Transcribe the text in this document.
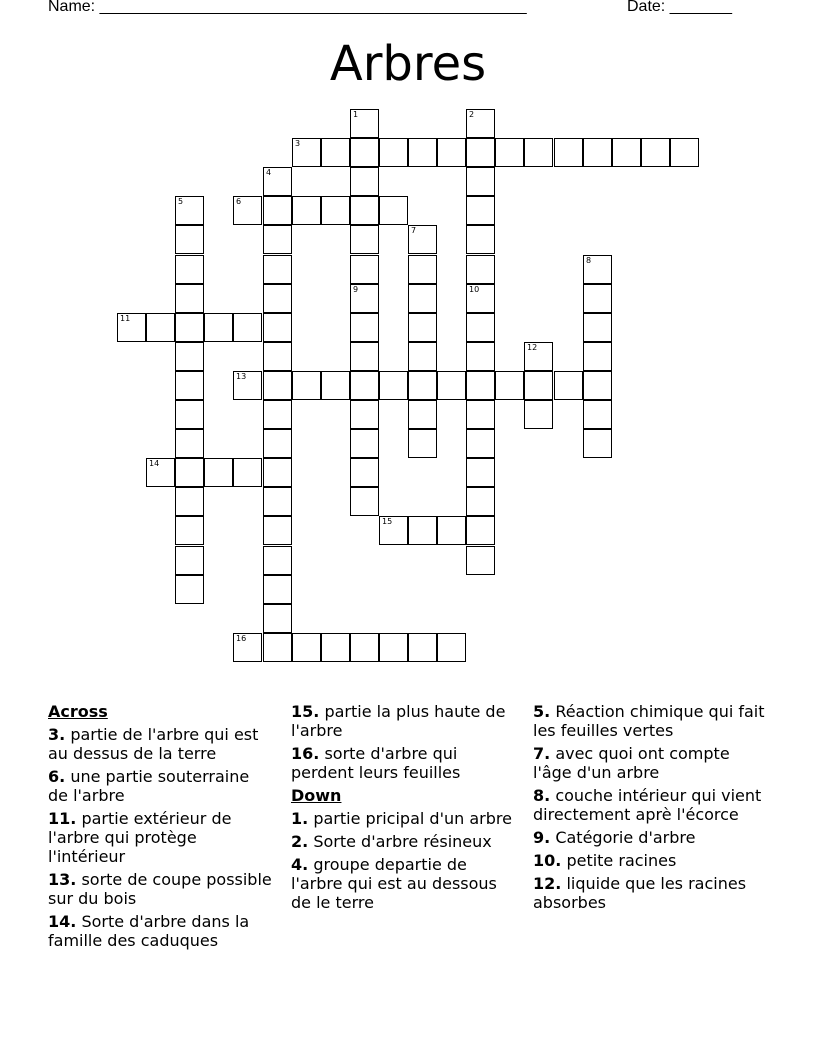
Name: ________________________________________________	Date: _______
Arbres
1	2
3
4
5	6
7
8
9	10
11
12
13
14
15
16
Across
3. partie de l'arbre qui est au dessus de la terre
6. une partie souterraine de l'arbre
11. partie extérieur de l'arbre qui protège l'intérieur
13. sorte de coupe possible sur du bois
14. Sorte d'arbre dans la famille des caduques
15. partie la plus haute de l'arbre
16. sorte d'arbre qui perdent leurs feuilles
Down
1. partie pricipal d'un arbre
2. Sorte d'arbre résineux
4. groupe departie de l'arbre qui est au dessous de le terre
5. Réaction chimique qui fait les feuilles vertes
7. avec quoi ont compte l'âge d'un arbre
8. couche intérieur qui vient directement aprè l'écorce
9. Catégorie d'arbre
10. petite racines
12. liquide que les racines absorbes
